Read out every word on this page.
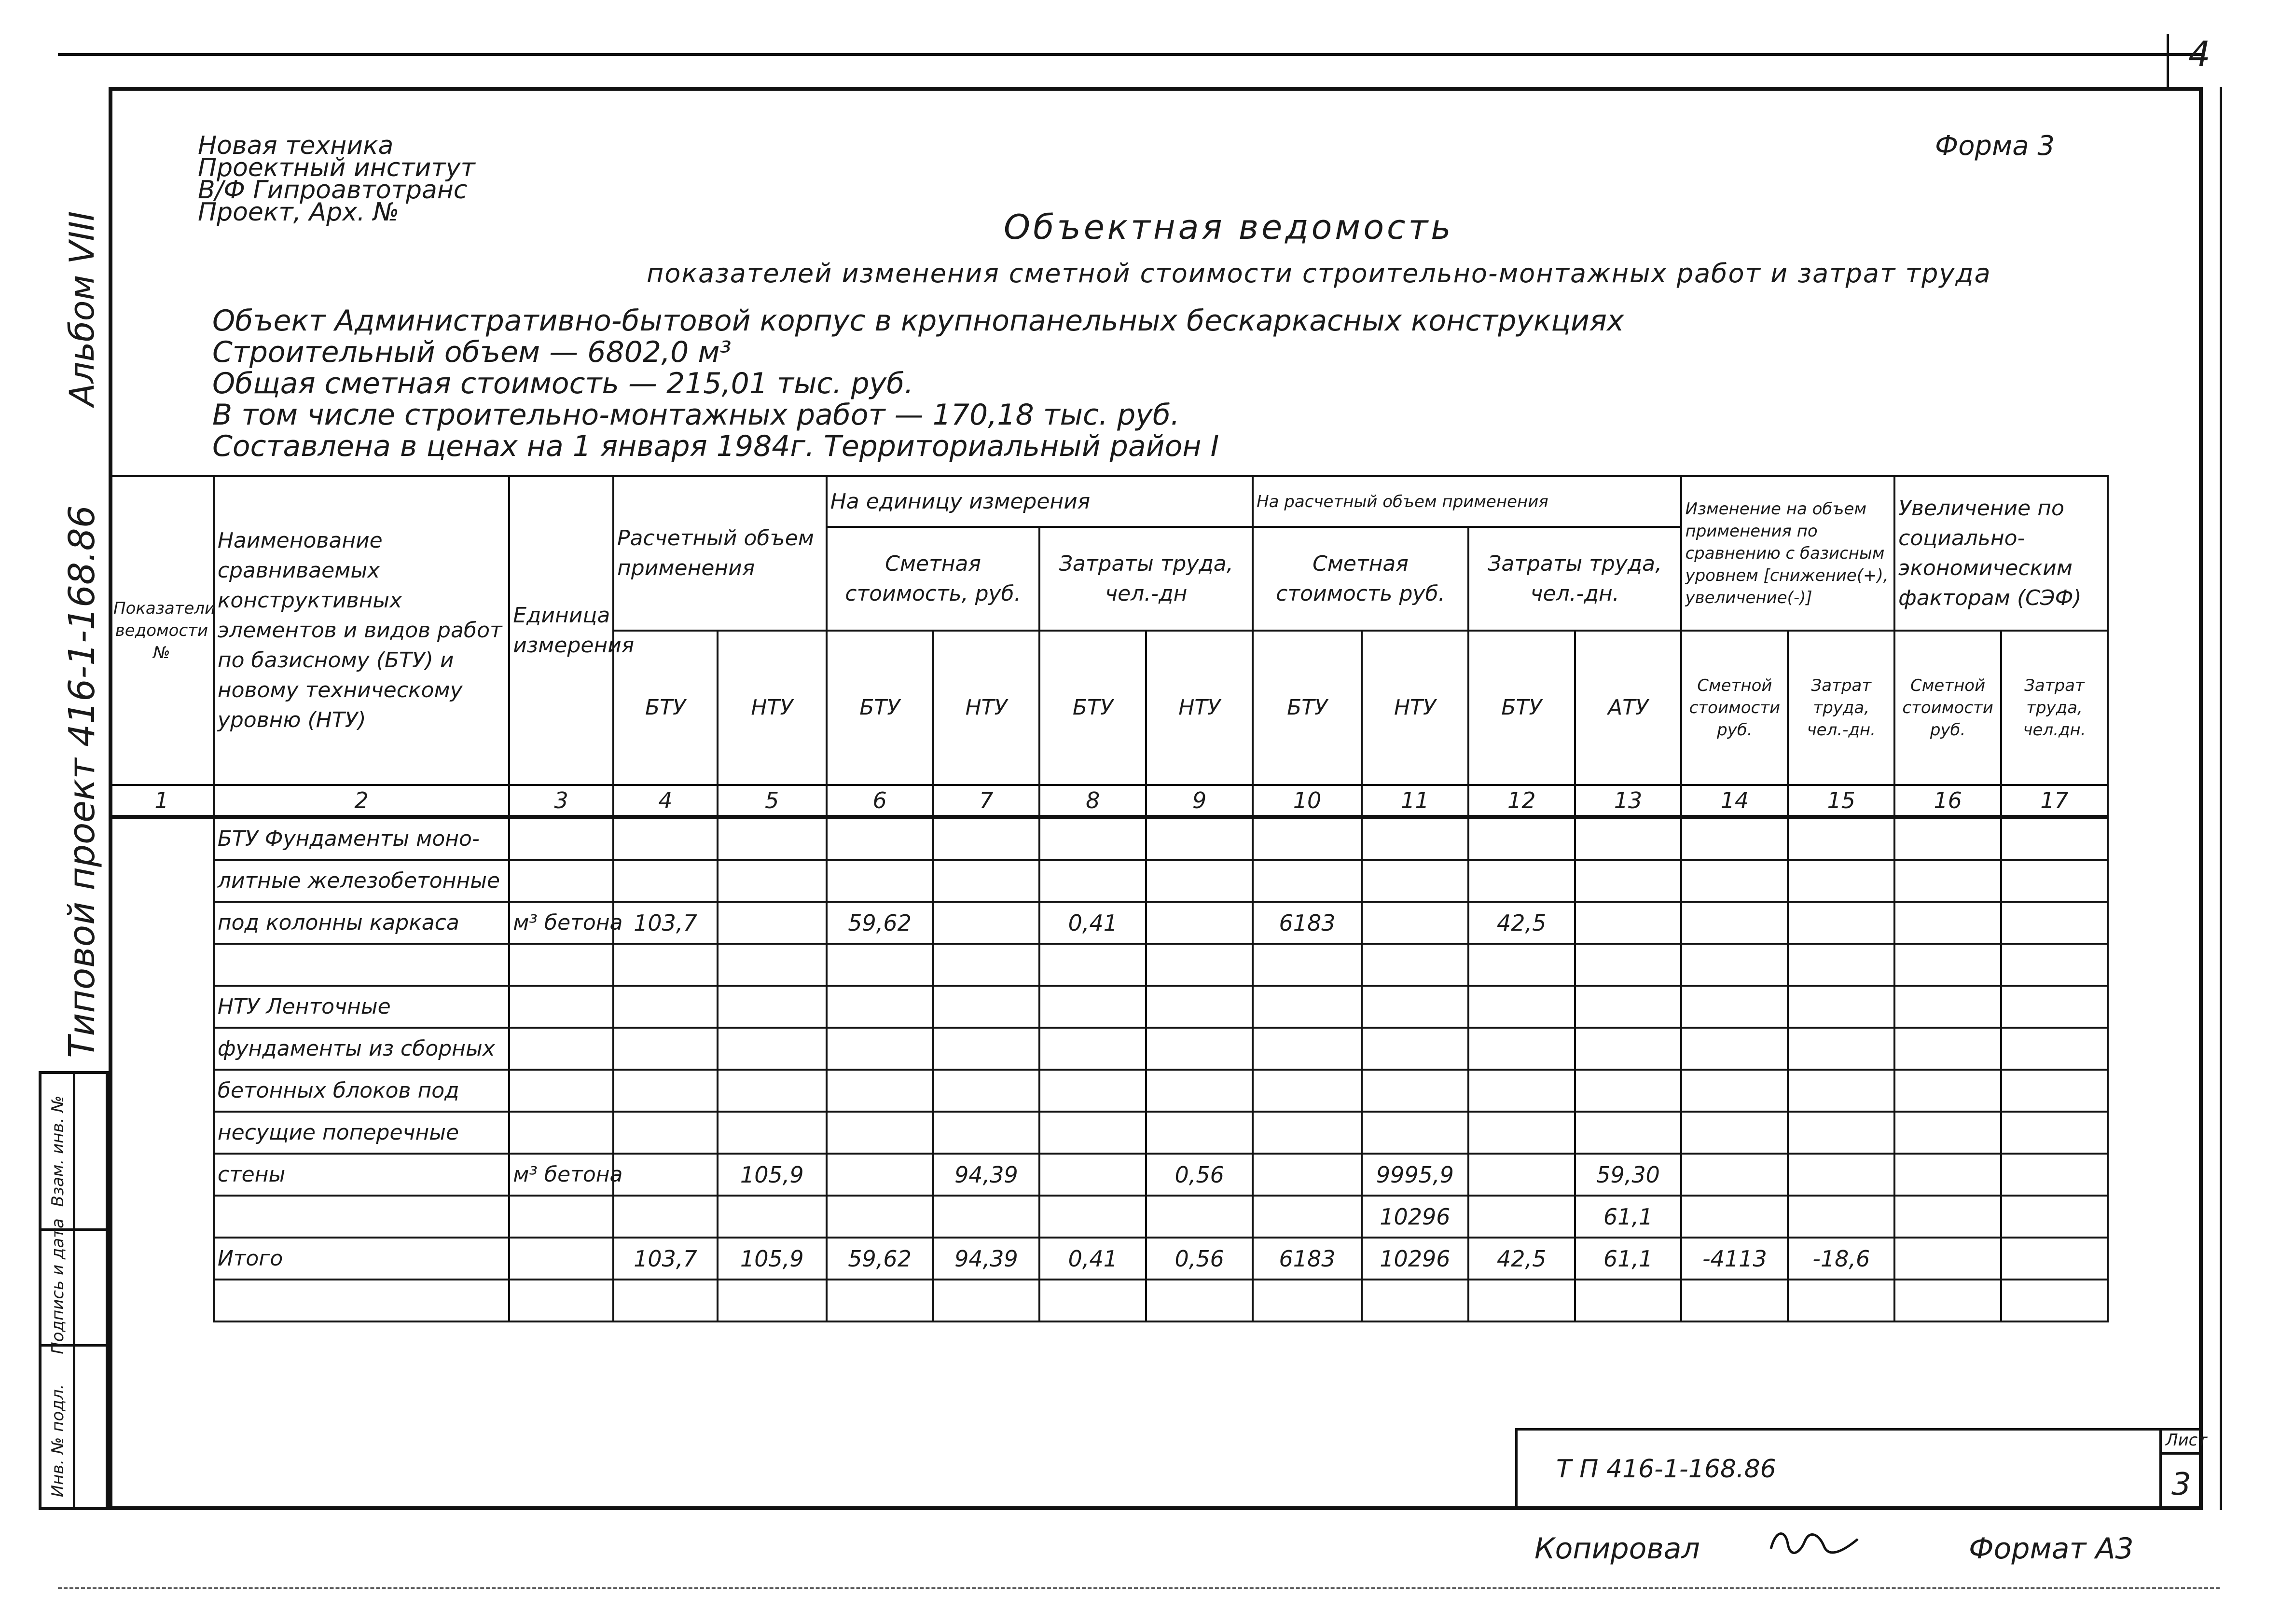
4
Альбом VIII
Типовой проект 416-1-168.86
Инв. № подл.
Подпись и дата
Взам. инв. №
Новая техника
Проектный институт
В/Ф Гипроавтотранс
Проект, Арх. №
Форма 3
Объектная ведомость
показателей изменения сметной стоимости строительно-монтажных работ и затрат труда
Объект Административно-бытовой корпус в крупнопанельных бескаркасных конструкциях
Строительный объем — 6802,0 м³
Общая сметная стоимость — 215,01 тыс. руб.
В том числе строительно-монтажных работ — 170,18 тыс. руб.
Составлена в ценах на 1 января 1984г. Территориальный район I
Показатели ведомости №	Наименование сравниваемых конструктивных элементов и видов работ по базисному (БТУ) и новому техническому уровню (НТУ)	Единица измерения	Расчетный объем применения		На единицу измерения				На расчетный объем применения				Изменение на объем применения по сравнению с базисным уровнем [снижение(+), увеличение(-)]		Увеличение по социально-экономическим факторам (СЭФ)	
					Сметная стоимость, руб.		Затраты труда, чел.-дн		Сметная стоимость руб.		Затраты труда, чел.-дн.					
			БТУ	НТУ	БТУ	НТУ	БТУ	НТУ	БТУ	НТУ	БТУ	АТУ	Сметной стоимости руб.	Затрат труда, чел.-дн.	Сметной стоимости руб.	Затрат труда, чел.дн.
1	2	3	4	5	6	7	8	9	10	11	12	13	14	15	16	17
	БТУ Фундаменты моно-															
	литные железобетонные															
	под колонны каркаса	м³ бетона	103,7		59,62		0,41		6183		42,5					

	НТУ Ленточные															
	фундаменты из сборных															
	бетонных блоков под															
	несущие поперечные															
	стены	м³ бетона		105,9		94,39		0,56		9995,9		59,30				
										10296		61,1				
	Итого		103,7	105,9	59,62	94,39	0,41	0,56	6183	10296	42,5	61,1	-4113	-18,6		

Т П 416-1-168.86
Лист
3
Копировал	Формат А3
